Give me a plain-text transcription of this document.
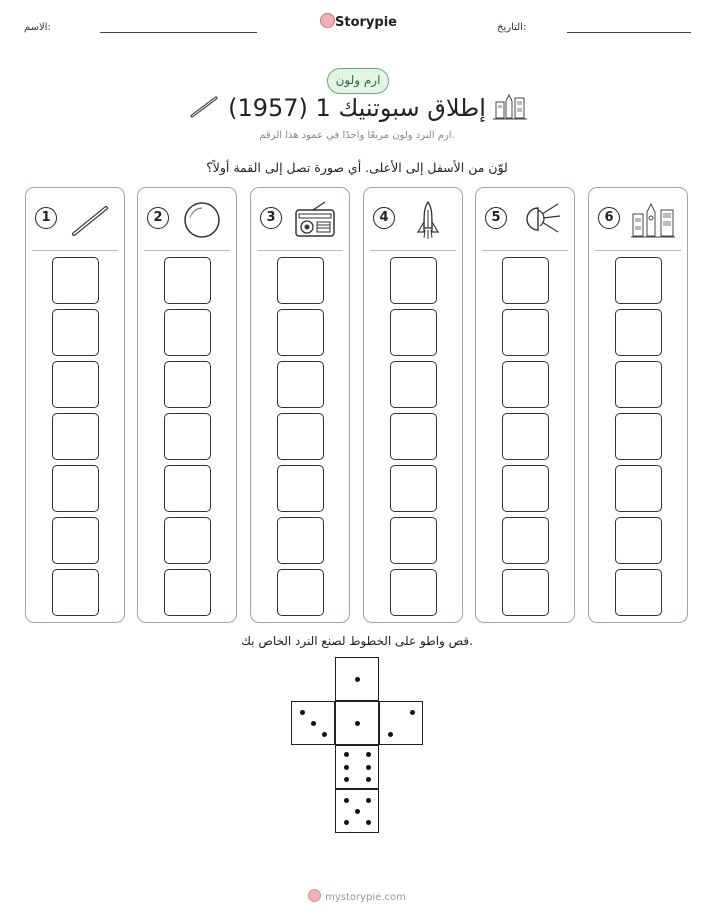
الاسم:	Storypie	التاريخ:
ارم ولون
إطلاق سبوتنيك 1 (1957)
ارم النرد ولون مربعًا واحدًا في عمود هذا الرقم.
لوّن من الأسفل إلى الأعلى. أي صورة تصل إلى القمة أولاً؟
1	2	3	4	5	6
قص واطو على الخطوط لصنع النرد الخاص بك.
mystorypie.com
